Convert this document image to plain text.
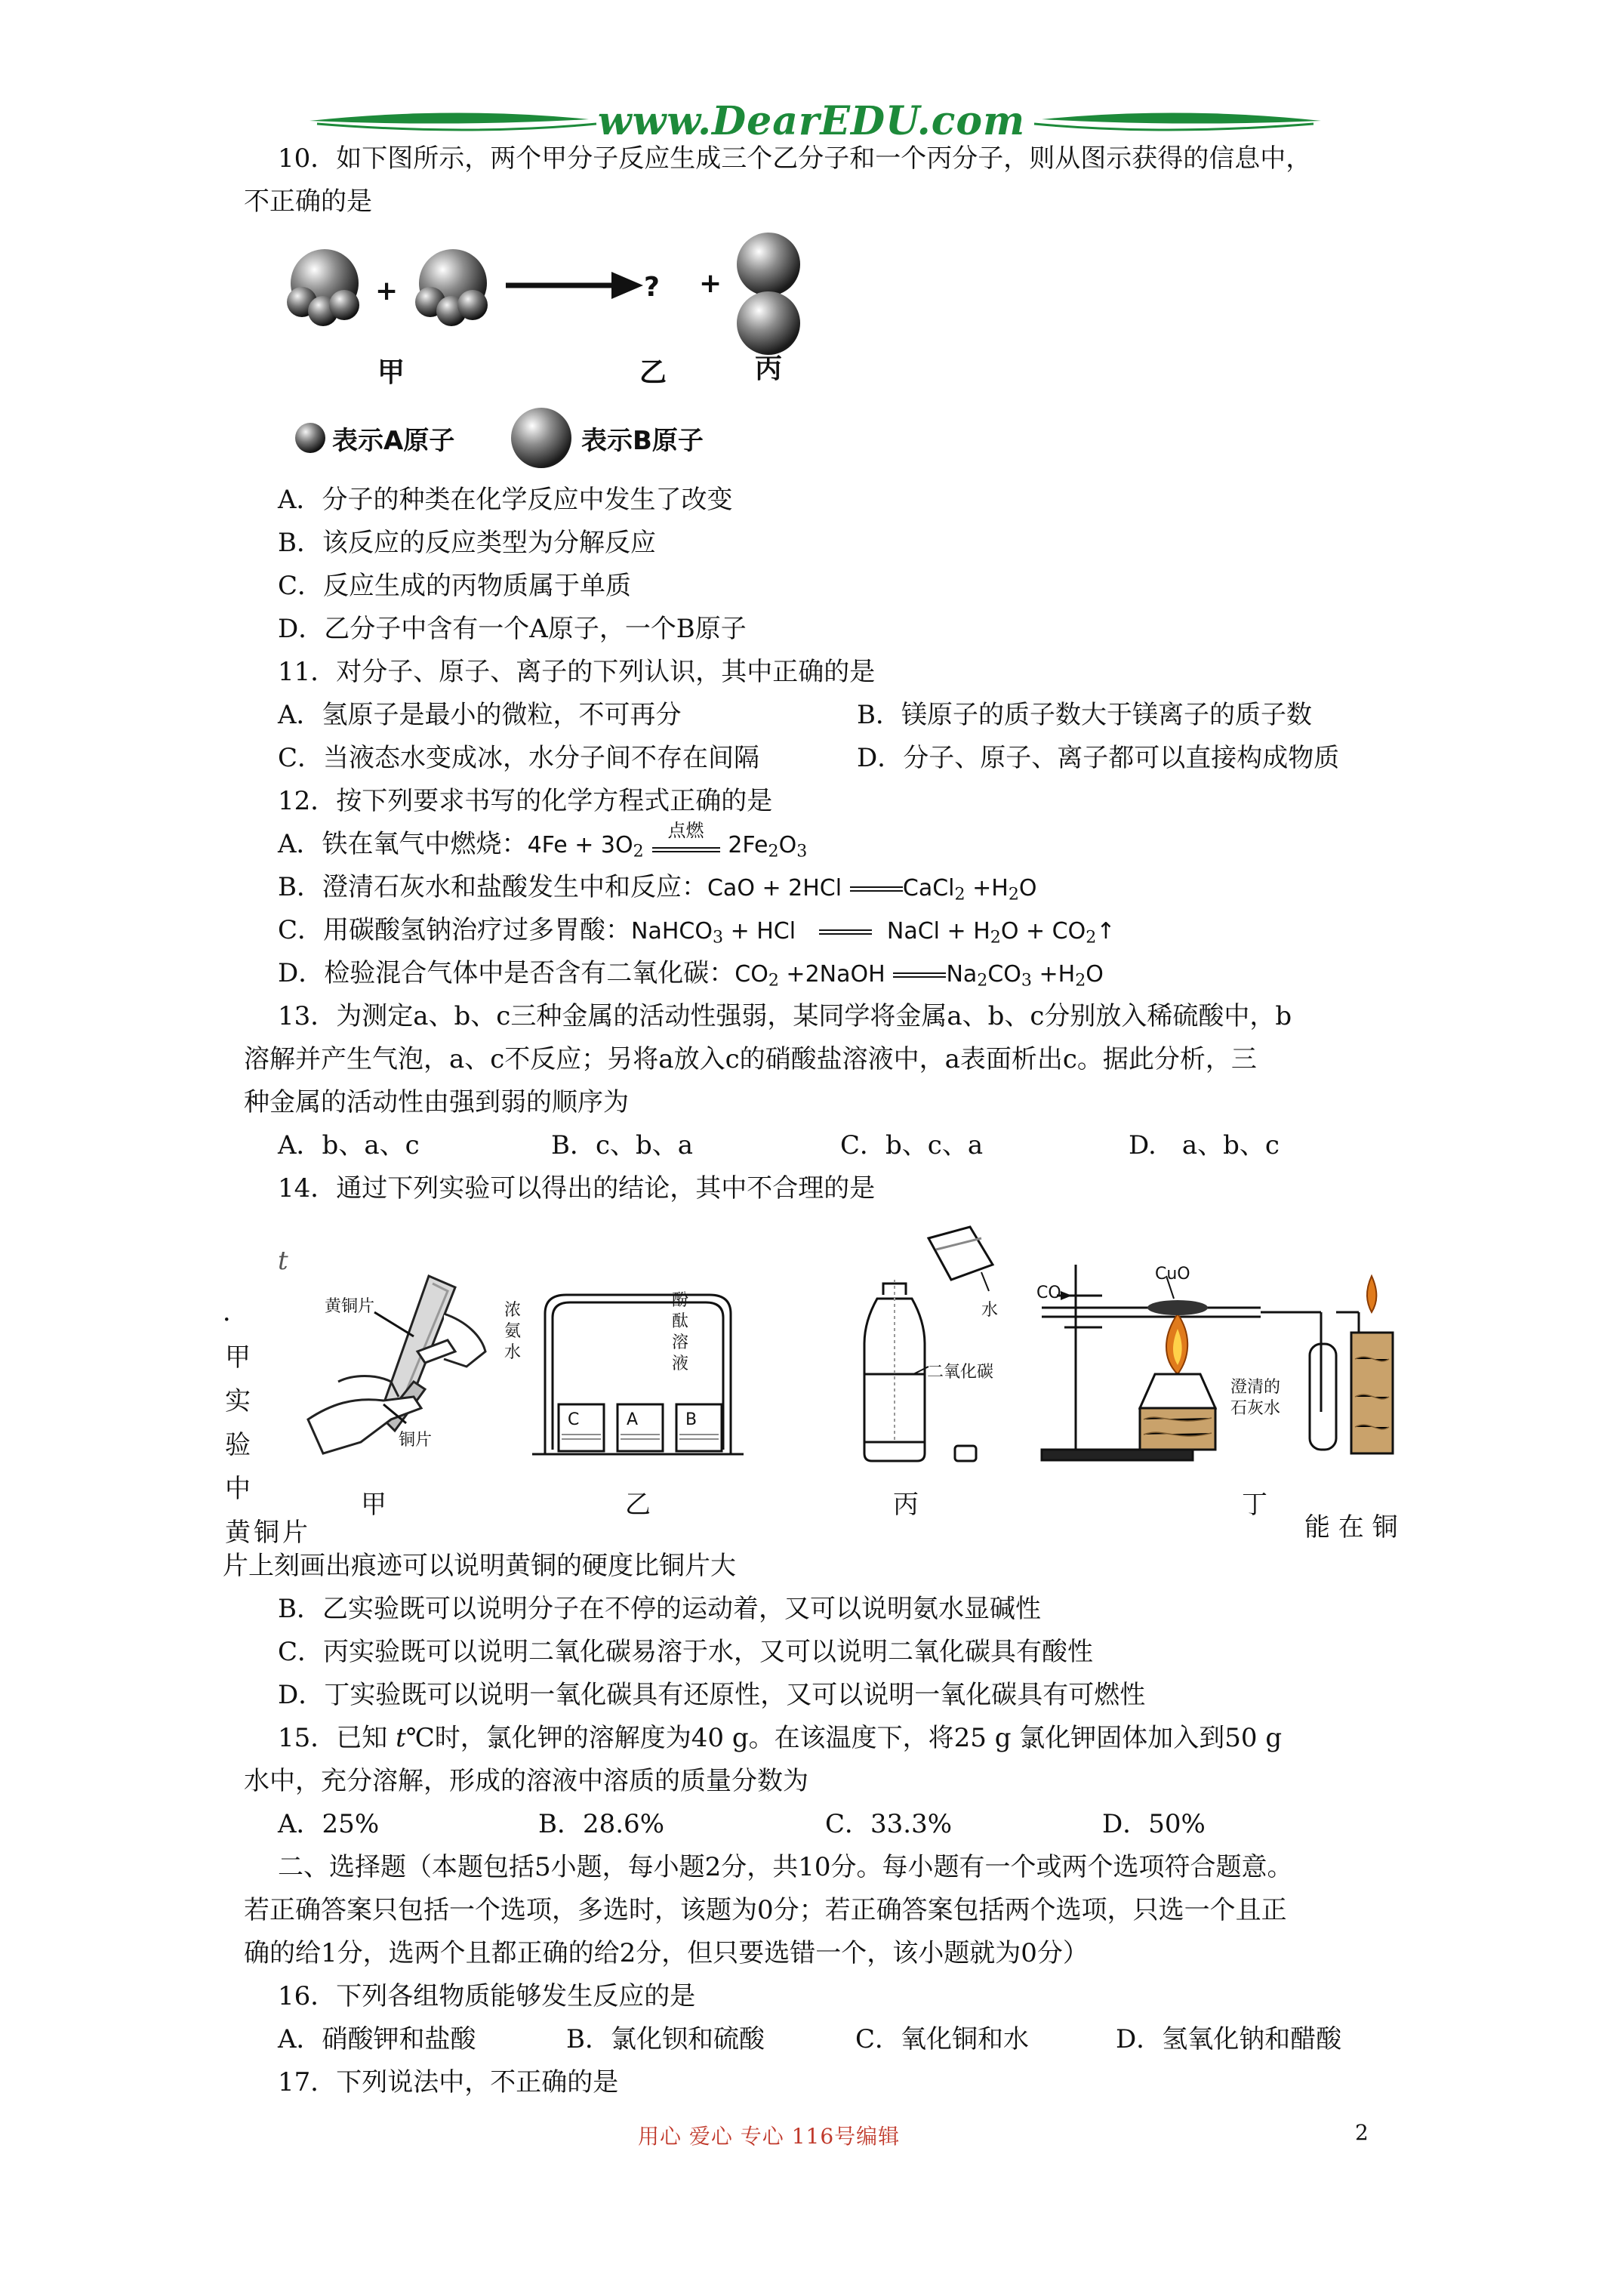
www.DearEDU.com
10．如下图所示，两个甲分子反应生成三个乙分子和一个丙分子，则从图示获得的信息中，
不正确的是
+	? +
甲	乙	丙
表示A原子	表示B原子
A．分子的种类在化学反应中发生了改变
B．该反应的反应类型为分解反应
C．反应生成的丙物质属于单质
D．乙分子中含有一个A原子，一个B原子
11．对分子、原子、离子的下列认识，其中正确的是
A．氢原子是最小的微粒，不可再分	B．镁原子的质子数大于镁离子的质子数
C．当液态水变成冰，水分子间不存在间隔	D．分子、原子、离子都可以直接构成物质
12．按下列要求书写的化学方程式正确的是
A．铁在氧气中燃烧：$4Fe + 3O_2$
点燃
$2Fe_2O_3$
B．澄清石灰水和盐酸发生中和反应：CaO + 2HCl	CaCl$_2$ $+H_2O$
C．用碳酸氢钠治疗过多胃酸：NaHCO$_3$ + HCl	NaCl + $H_2O$ + $CO_2↑$
D．检验混合气体中是否含有二氧化碳：$CO_2$ +2NaOH	$Na_2CO_3 +H_2O$
13．为测定a、b、c三种金属的活动性强弱，某同学将金属a、b、c分别放入稀硫酸中，b
溶解并产生气泡，a、c不反应；另将a放入c的硝酸盐溶液中，a表面析出c。据此分析，三
种金属的活动性由强到弱的顺序为
A．b、a、c	B．c、b、a	C．b、c、a	D.　a、b、c
14．通过下列实验可以得出的结论，其中不合理的是
t
．
甲
实
验
中
黄铜片
黄铜片
铜片
甲
浓
氨
水
酚
酞
溶
液
C	A	B
乙
水
二氧化碳
丙
CO
CuO
澄清的
石灰水
丁
能 在 铜
片上刻画出痕迹可以说明黄铜的硬度比铜片大
B．乙实验既可以说明分子在不停的运动着，又可以说明氨水显碱性
C．丙实验既可以说明二氧化碳易溶于水，又可以说明二氧化碳具有酸性
D．丁实验既可以说明一氧化碳具有还原性，又可以说明一氧化碳具有可燃性
15．已知 t℃时，氯化钾的溶解度为40 g。在该温度下，将25 g 氯化钾固体加入到50 g
水中，充分溶解，形成的溶液中溶质的质量分数为
A．25%	B．28.6%	C．33.3%	D．50%
二、选择题（本题包括5小题，每小题2分，共10分。每小题有一个或两个选项符合题意。
若正确答案只包括一个选项，多选时，该题为0分；若正确答案包括两个选项，只选一个且正
确的给1分，选两个且都正确的给2分，但只要选错一个，该小题就为0分）
16．下列各组物质能够发生反应的是
A．硝酸钾和盐酸	B．氯化钡和硫酸	C．氧化铜和水	D．氢氧化钠和醋酸
17．下列说法中，不正确的是
用心 爱心 专心 116号编辑	2
